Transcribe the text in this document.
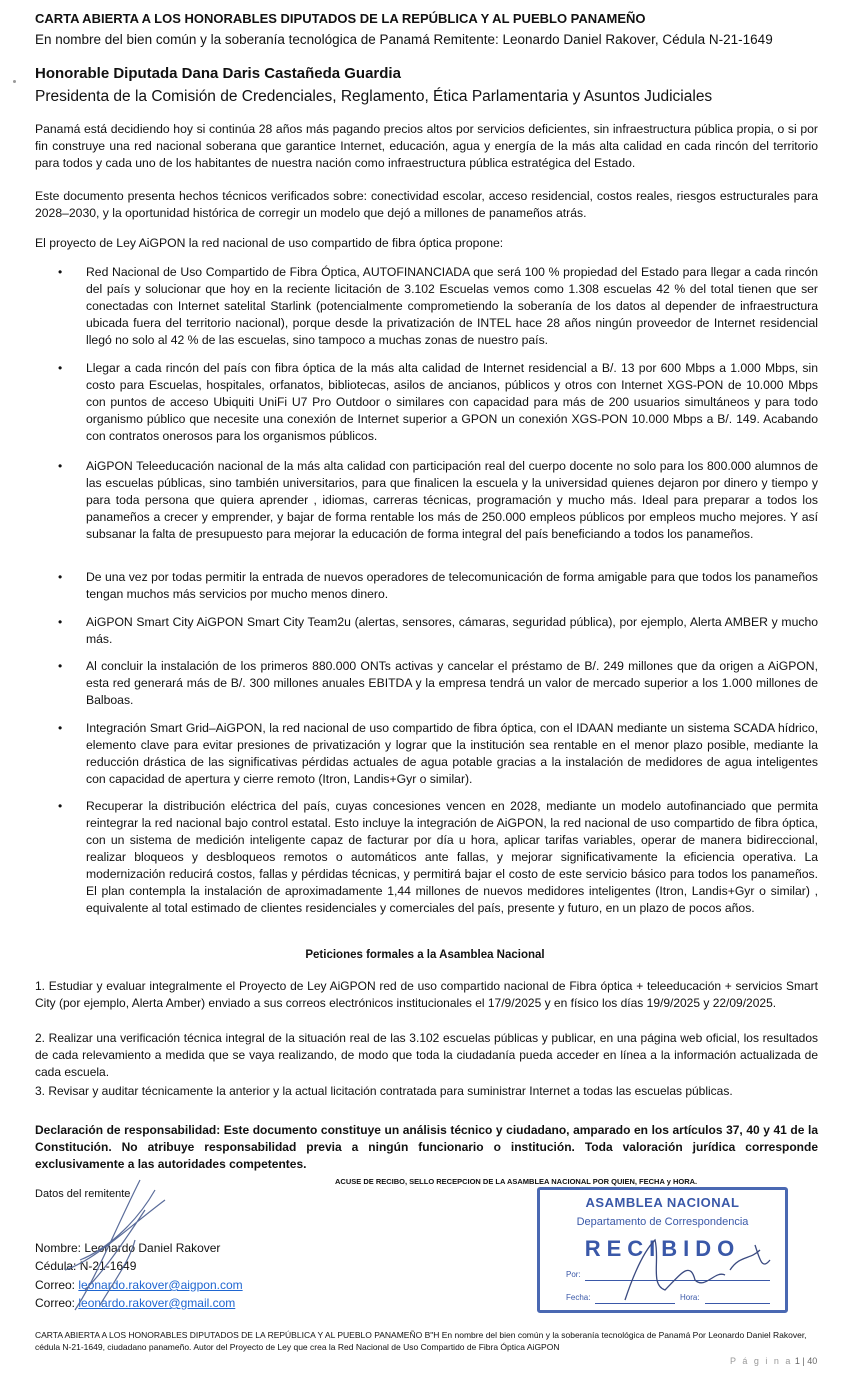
CARTA ABIERTA A LOS HONORABLES DIPUTADOS DE LA REPÚBLICA Y AL PUEBLO PANAMEÑO
En nombre del bien común y la soberanía tecnológica de Panamá Remitente: Leonardo Daniel Rakover, Cédula N-21-1649
Honorable Diputada Dana Daris Castañeda Guardia
Presidenta de la Comisión de Credenciales, Reglamento, Ética Parlamentaria y Asuntos Judiciales

Panamá está decidiendo hoy si continúa 28 años más pagando precios altos por servicios deficientes, sin infraestructura pública propia, o si por fin construye una red nacional soberana que garantice Internet, educación, agua y energía de la más alta calidad en cada rincón del territorio para todos y cada uno de los habitantes de nuestra nación como infraestructura pública estratégica del Estado.

Este documento presenta hechos técnicos verificados sobre: conectividad escolar, acceso residencial, costos reales, riesgos estructurales para 2028–2030, y la oportunidad histórica de corregir un modelo que dejó a millones de panameños atrás.

El proyecto de Ley AiGPON la red nacional de uso compartido de fibra óptica propone:

•	Red Nacional de Uso Compartido de Fibra Óptica, AUTOFINANCIADA que será 100 % propiedad del Estado para llegar a cada rincón del país y solucionar que hoy en la reciente licitación de 3.102 Escuelas vemos como 1.308 escuelas 42 % del total tienen que ser conectadas con Internet satelital Starlink (potencialmente comprometiendo la soberanía de los datos al depender de infraestructura ubicada fuera del territorio nacional), porque desde la privatización de INTEL hace 28 años ningún proveedor de Internet residencial llegó no solo al 42 % de las escuelas, sino tampoco a muchas zonas de nuestro país.

•	Llegar a cada rincón del país con fibra óptica de la más alta calidad de Internet residencial a B/. 13 por 600 Mbps a 1.000 Mbps, sin costo para Escuelas, hospitales, orfanatos, bibliotecas, asilos de ancianos, públicos y otros con Internet XGS-PON de 10.000 Mbps con puntos de acceso Ubiquiti UniFi U7 Pro Outdoor o similares con capacidad para más de 200 usuarios simultáneos y para todo organismo público que necesite una conexión de Internet superior a GPON un conexión XGS-PON 10.000 Mbps a B/. 149. Acabando con contratos onerosos para los organismos públicos.

•	AiGPON Teleeducación nacional de la más alta calidad con participación real del cuerpo docente no solo para los 800.000 alumnos de las escuelas públicas, sino también universitarios, para que finalicen la escuela y la universidad quienes dejaron por dinero y tiempo y para toda persona que quiera aprender , idiomas, carreras técnicas, programación y mucho más. Ideal para preparar a todos los panameños a crecer y emprender, y bajar de forma rentable los más de 250.000 empleos públicos por empleos mucho mejores. Y así subsanar la falta de presupuesto para mejorar la educación de forma integral del país beneficiando a todos los panameños.

•	De una vez por todas permitir la entrada de nuevos operadores de telecomunicación de forma amigable para que todos los panameños tengan muchos más servicios por mucho menos dinero.

•	AiGPON Smart City AiGPON Smart City Team2u (alertas, sensores, cámaras, seguridad pública), por ejemplo, Alerta AMBER y mucho más.

•	Al concluir la instalación de los primeros 880.000 ONTs activas y cancelar el préstamo de B/. 249 millones que da origen a AiGPON, esta red generará más de B/. 300 millones anuales EBITDA y la empresa tendrá un valor de mercado superior a los 1.000 millones de Balboas.

•	Integración Smart Grid–AiGPON, la red nacional de uso compartido de fibra óptica, con el IDAAN mediante un sistema SCADA hídrico, elemento clave para evitar presiones de privatización y lograr que la institución sea rentable en el menor plazo posible, mediante la reducción drástica de las significativas pérdidas actuales de agua potable gracias a la instalación de medidores de agua inteligentes con capacidad de apertura y cierre remoto (Itron, Landis+Gyr o similar).

•	Recuperar la distribución eléctrica del país, cuyas concesiones vencen en 2028, mediante un modelo autofinanciado que permita reintegrar la red nacional bajo control estatal. Esto incluye la integración de AiGPON, la red nacional de uso compartido de fibra óptica, con un sistema de medición inteligente capaz de facturar por día u hora, aplicar tarifas variables, operar de manera bidireccional, realizar bloqueos y desbloqueos remotos o automáticos ante fallas, y mejorar significativamente la eficiencia operativa. La modernización reducirá costos, fallas y pérdidas técnicas, y permitirá bajar el costo de este servicio básico para todos los panameños. El plan contempla la instalación de aproximadamente 1,44 millones de nuevos medidores inteligentes (Itron, Landis+Gyr o similar) , equivalente al total estimado de clientes residenciales y comerciales del país, presente y futuro, en un plazo de pocos años.

Peticiones formales a la Asamblea Nacional

1. Estudiar y evaluar integralmente el Proyecto de Ley AiGPON red de uso compartido nacional de Fibra óptica + teleeducación + servicios Smart City (por ejemplo, Alerta Amber) enviado a sus correos electrónicos institucionales el 17/9/2025 y en físico los días 19/9/2025 y 22/09/2025.

2. Realizar una verificación técnica integral de la situación real de las 3.102 escuelas públicas y publicar, en una página web oficial, los resultados de cada relevamiento a medida que se vaya realizando, de modo que toda la ciudadanía pueda acceder en línea a la información actualizada de cada escuela.

3. Revisar y auditar técnicamente la anterior y la actual licitación contratada para suministrar Internet a todas las escuelas públicas.

Declaración de responsabilidad: Este documento constituye un análisis técnico y ciudadano, amparado en los artículos 37, 40 y 41 de la Constitución. No atribuye responsabilidad previa a ningún funcionario o institución. Toda valoración jurídica corresponde exclusivamente a las autoridades competentes.

ACUSE DE RECIBO, SELLO RECEPCION DE LA ASAMBLEA NACIONAL POR QUIEN, FECHA y HORA.
Datos del remitente
Nombre: Leonardo Daniel Rakover
Cédula: N-21-1649
Correo: leonardo.rakover@aigpon.com
Correo: leonardo.rakover@gmail.com
ASAMBLEA NACIONAL
Departamento de Correspondencia
RECIBIDO
Por:
Fecha:	Hora:

CARTA ABIERTA A LOS HONORABLES DIPUTADOS DE LA REPÚBLICA Y AL PUEBLO PANAMEÑO B"H En nombre del bien común y la soberanía tecnológica de Panamá Por Leonardo Daniel Rakover, cédula N-21-1649, ciudadano panameño. Autor del Proyecto de Ley que crea la Red Nacional de Uso Compartido de Fibra Óptica AiGPON

P á g i n a 1 | 40
